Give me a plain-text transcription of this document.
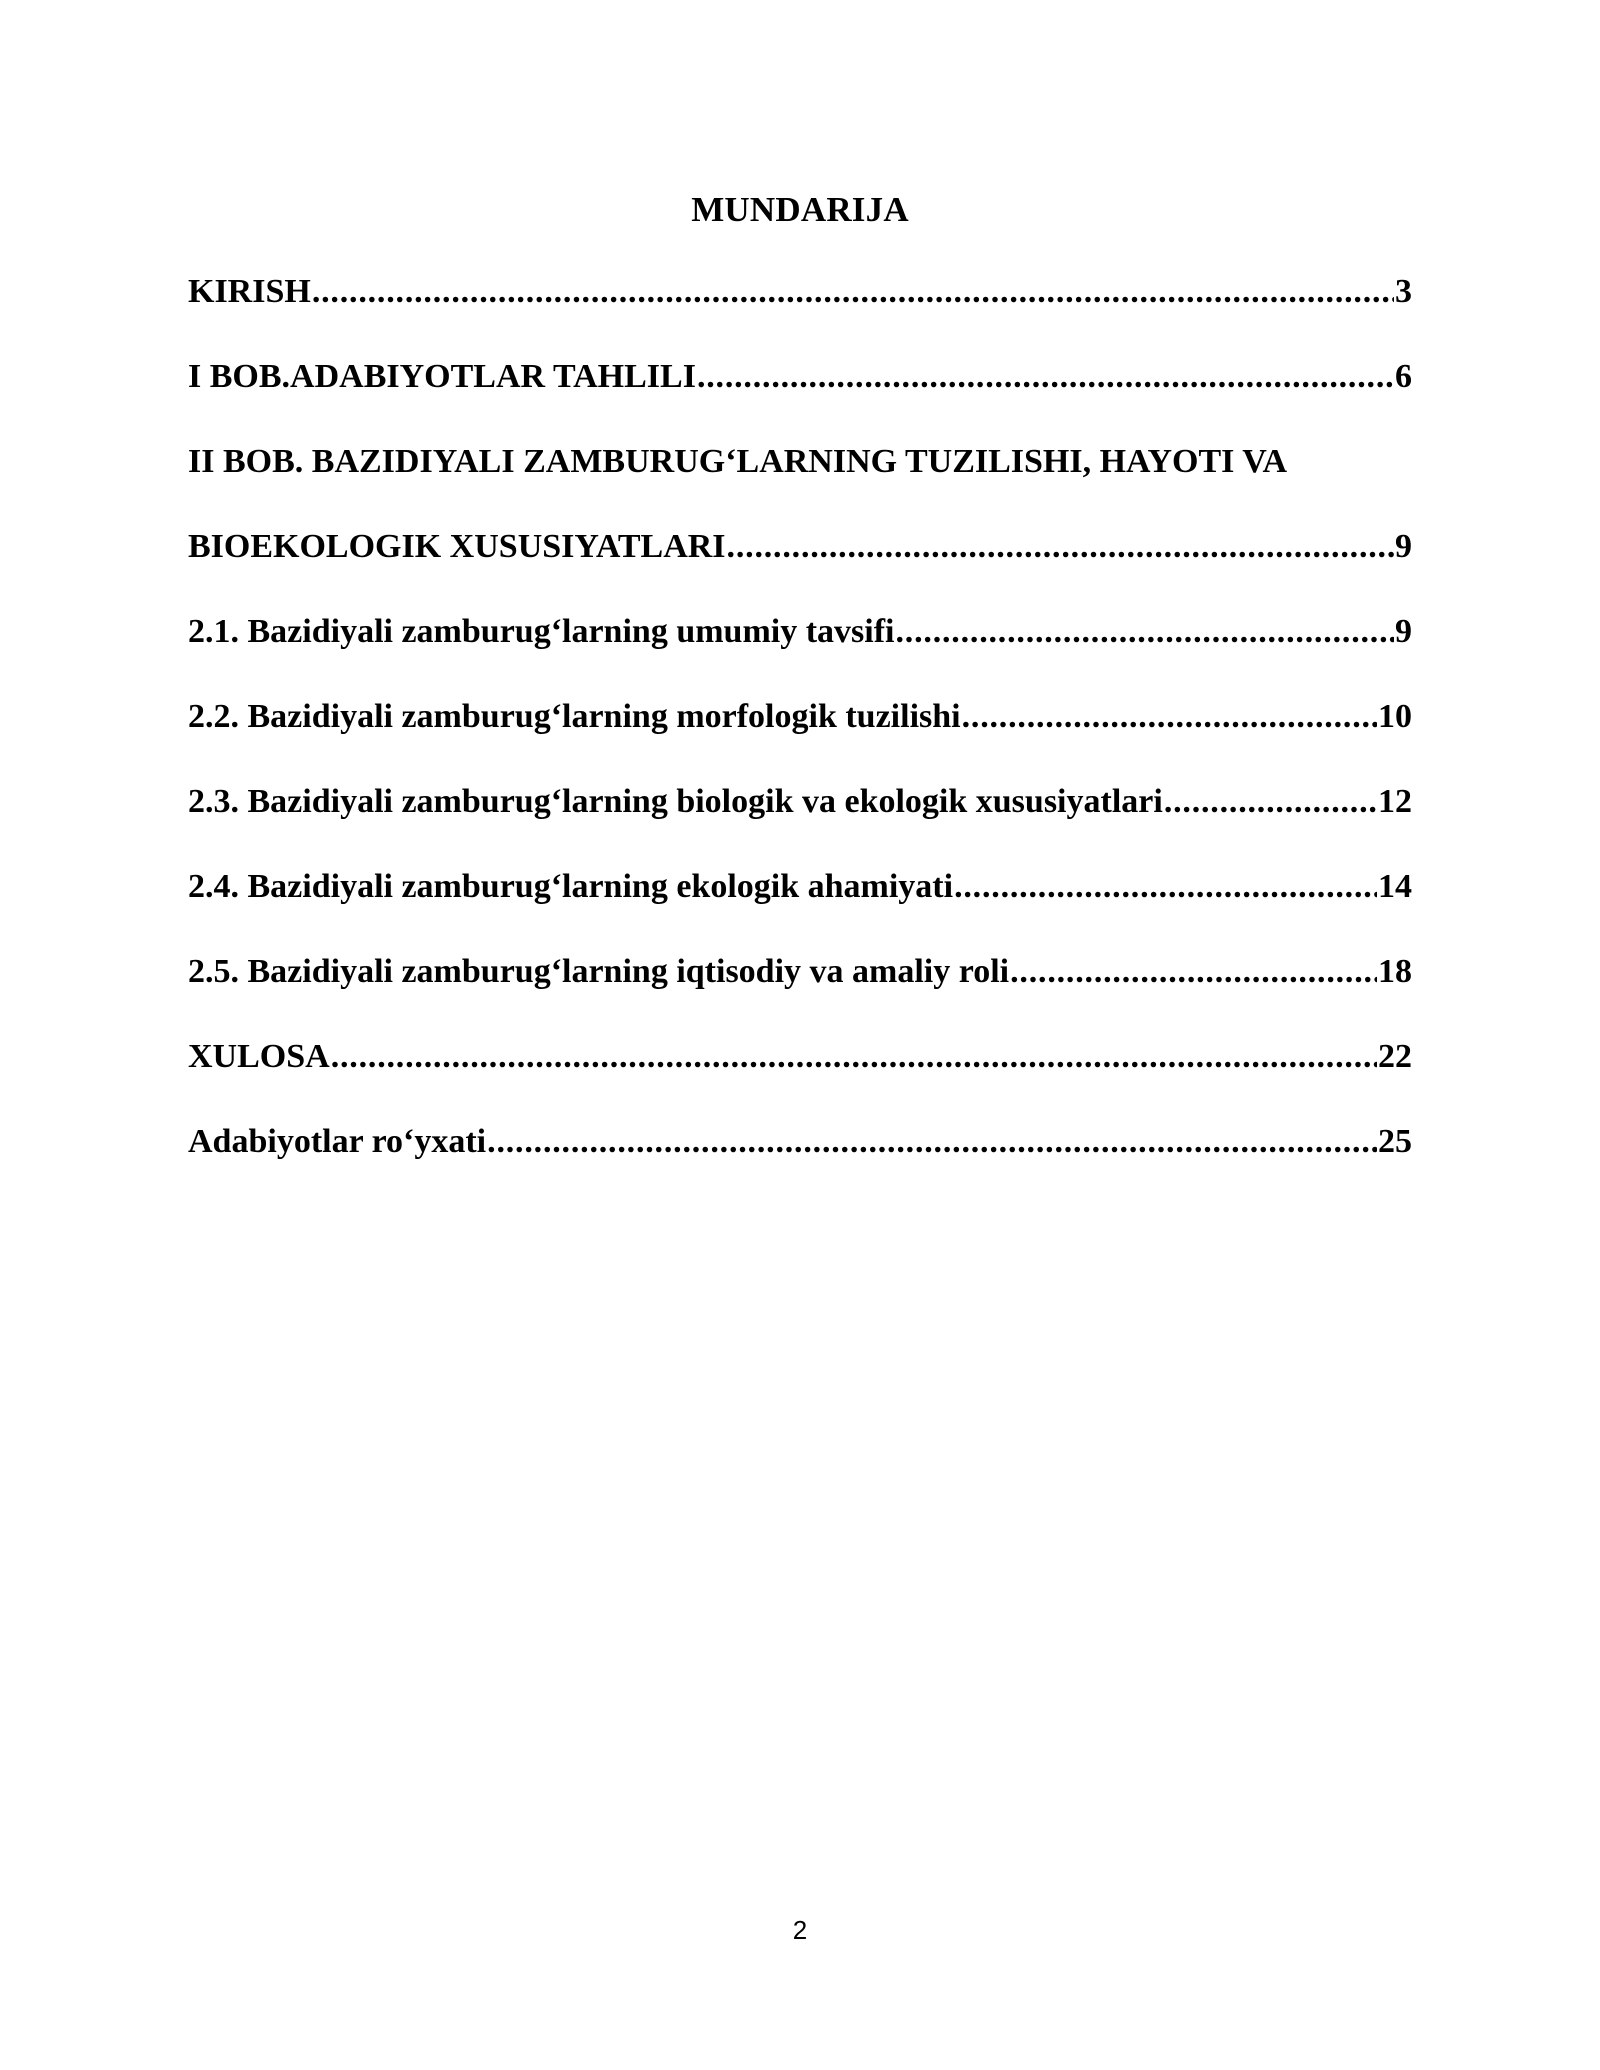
MUNDARIJA
KIRISH .....	3
I BOB.ADABIYOTLAR TAHLILI .....	6
II BOB. BAZIDIYALI ZAMBURUG‘LARNING TUZILISHI, HAYOTI VA
BIOEKOLOGIK XUSUSIYATLARI .....	9
2.1. Bazidiyali zamburug‘larning umumiy tavsifi .....	9
2.2. Bazidiyali zamburug‘larning morfologik tuzilishi .....	10
2.3. Bazidiyali zamburug‘larning biologik va ekologik xususiyatlari .....	12
2.4. Bazidiyali zamburug‘larning ekologik ahamiyati .....	14
2.5. Bazidiyali zamburug‘larning iqtisodiy va amaliy roli .....	18
XULOSA .....	22
Adabiyotlar ro‘yxati .....	25
2
